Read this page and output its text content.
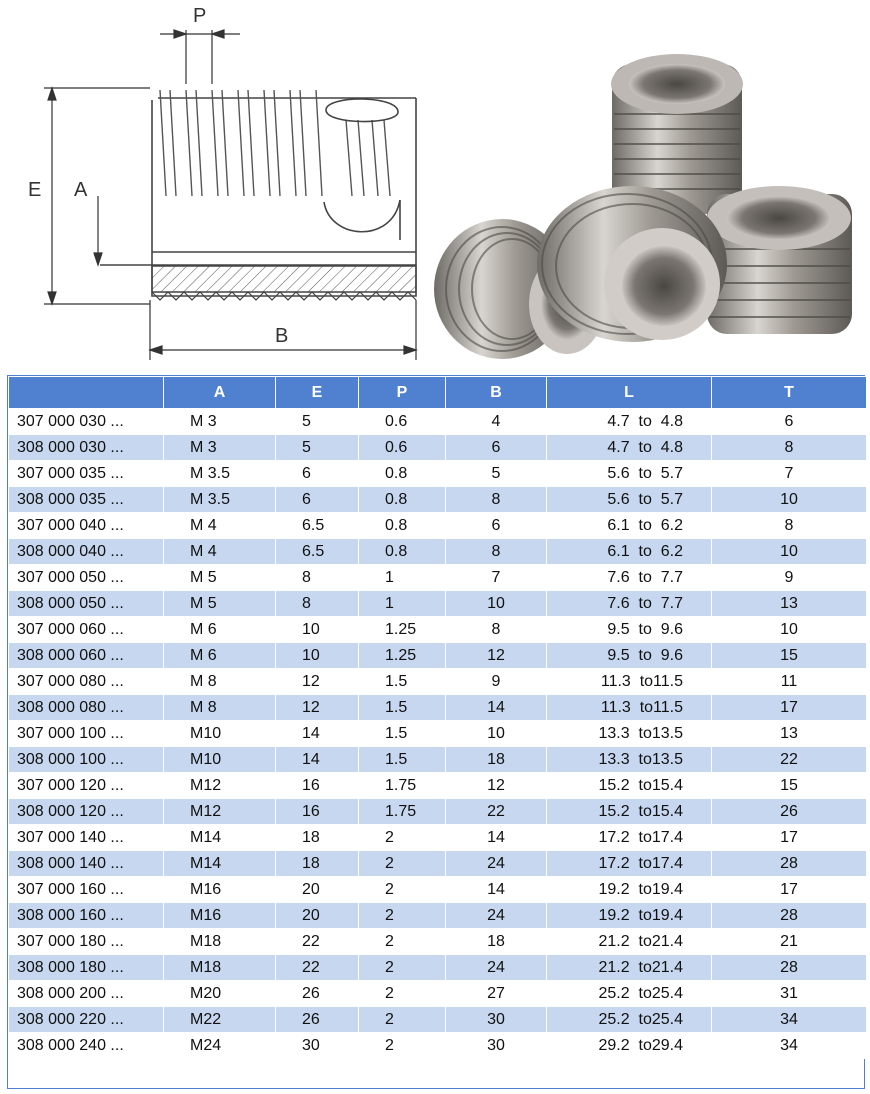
P
E A
B
	A	E	P	B	L	T
307 000 030 ...	M 3	5	0.6	4	4.7  to  4.8	6
308 000 030 ...	M 3	5	0.6	6	4.7  to  4.8	8
307 000 035 ...	M 3.5	6	0.8	5	5.6  to  5.7	7
308 000 035 ...	M 3.5	6	0.8	8	5.6  to  5.7	10
307 000 040 ...	M 4	6.5	0.8	6	6.1  to  6.2	8
308 000 040 ...	M 4	6.5	0.8	8	6.1  to  6.2	10
307 000 050 ...	M 5	8	1	7	7.6  to  7.7	9
308 000 050 ...	M 5	8	1	10	7.6  to  7.7	13
307 000 060 ...	M 6	10	1.25	8	9.5  to  9.6	10
308 000 060 ...	M 6	10	1.25	12	9.5  to  9.6	15
307 000 080 ...	M 8	12	1.5	9	11.3  to11.5	11
308 000 080 ...	M 8	12	1.5	14	11.3  to11.5	17
307 000 100 ...	M10	14	1.5	10	13.3  to13.5	13
308 000 100 ...	M10	14	1.5	18	13.3  to13.5	22
307 000 120 ...	M12	16	1.75	12	15.2  to15.4	15
308 000 120 ...	M12	16	1.75	22	15.2  to15.4	26
307 000 140 ...	M14	18	2	14	17.2  to17.4	17
308 000 140 ...	M14	18	2	24	17.2  to17.4	28
307 000 160 ...	M16	20	2	14	19.2  to19.4	17
308 000 160 ...	M16	20	2	24	19.2  to19.4	28
307 000 180 ...	M18	22	2	18	21.2  to21.4	21
308 000 180 ...	M18	22	2	24	21.2  to21.4	28
308 000 200 ...	M20	26	2	27	25.2  to25.4	31
308 000 220 ...	M22	26	2	30	25.2  to25.4	34
308 000 240 ...	M24	30	2	30	29.2  to29.4	34
